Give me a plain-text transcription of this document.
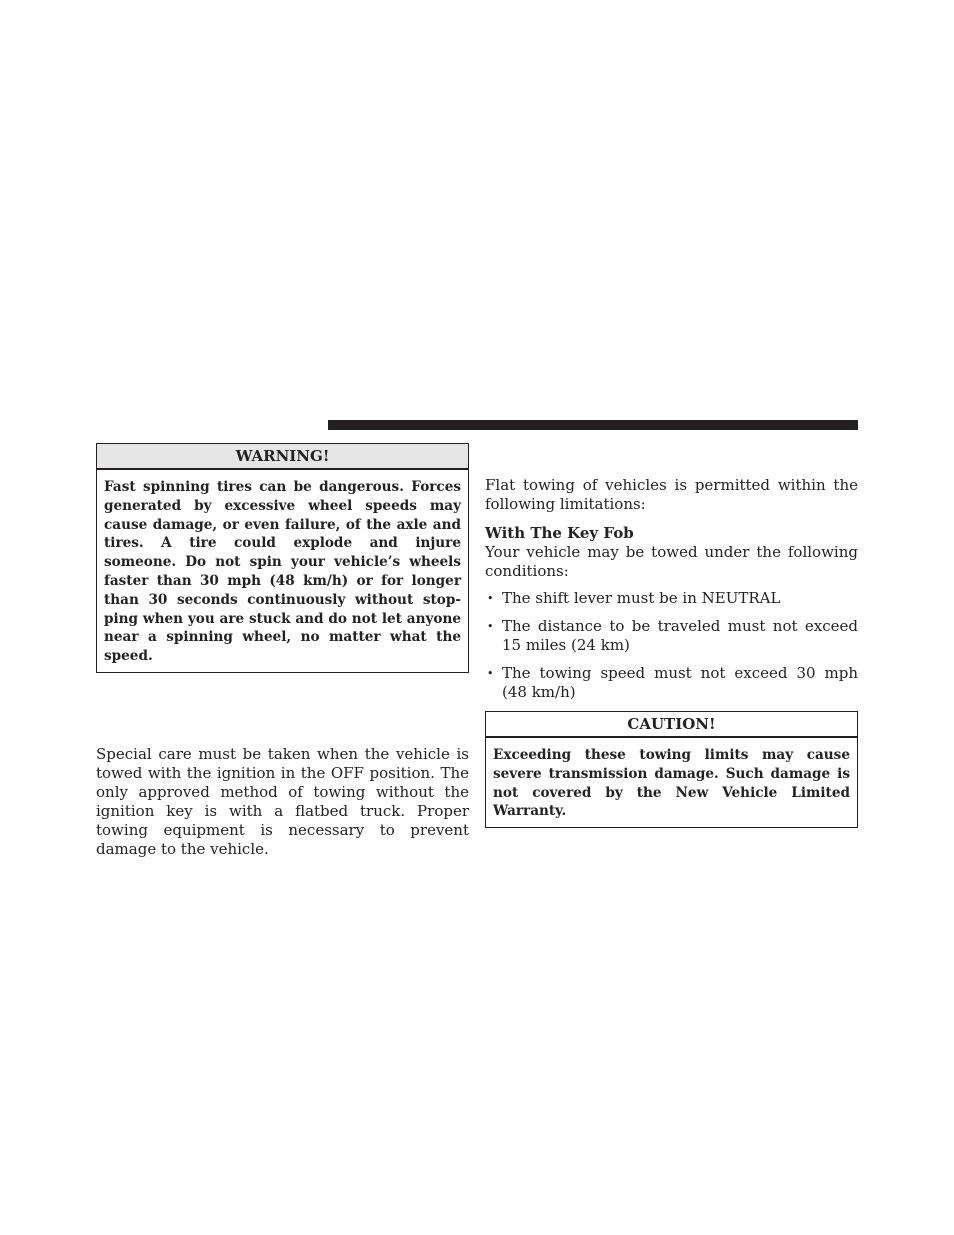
WARNING!
Fast spinning tires can be dangerous. Forces generated by excessive wheel speeds may cause damage, or even failure, of the axle and tires. A tire could explode and injure someone. Do not spin your vehicle’s wheels faster than 30 mph (48 km/h) or for longer than 30 seconds continuously without stopping when you are stuck and do not let anyone near a spinning wheel, no matter what the speed.

Special care must be taken when the vehicle is towed with the ignition in the OFF position. The only approved method of towing without the ignition key is with a flatbed truck. Proper towing equipment is necessary to prevent damage to the vehicle.

Flat towing of vehicles is permitted within the following limitations:

With The Key Fob

Your vehicle may be towed under the following conditions:

• The shift lever must be in NEUTRAL
• The distance to be traveled must not exceed 15 miles (24 km)
• The towing speed must not exceed 30 mph (48 km/h)
CAUTION!
Exceeding these towing limits may cause severe transmission damage. Such damage is not covered by the New Vehicle Limited Warranty.
